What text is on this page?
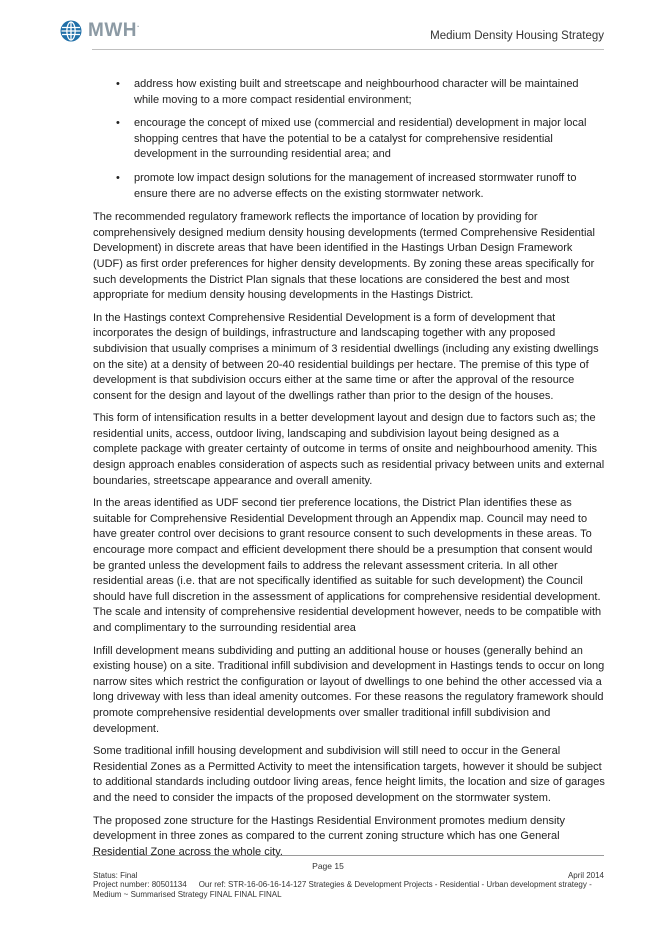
MWH.
Medium Density Housing Strategy
• address how existing built and streetscape and neighbourhood character will be maintained while moving to a more compact residential environment;
• encourage the concept of mixed use (commercial and residential) development in major local shopping centres that have the potential to be a catalyst for comprehensive residential development in the surrounding residential area; and
• promote low impact design solutions for the management of increased stormwater runoff to ensure there are no adverse effects on the existing stormwater network.

The recommended regulatory framework reflects the importance of location by providing for comprehensively designed medium density housing developments (termed Comprehensive Residential Development) in discrete areas that have been identified in the Hastings Urban Design Framework (UDF) as first order preferences for higher density developments. By zoning these areas specifically for such developments the District Plan signals that these locations are considered the best and most appropriate for medium density housing developments in the Hastings District.

In the Hastings context Comprehensive Residential Development is a form of development that incorporates the design of buildings, infrastructure and landscaping together with any proposed subdivision that usually comprises a minimum of 3 residential dwellings (including any existing dwellings on the site) at a density of between 20-40 residential buildings per hectare. The premise of this type of development is that subdivision occurs either at the same time or after the approval of the resource consent for the design and layout of the dwellings rather than prior to the design of the houses.

This form of intensification results in a better development layout and design due to factors such as; the residential units, access, outdoor living, landscaping and subdivision layout being designed as a complete package with greater certainty of outcome in terms of onsite and neighbourhood amenity. This design approach enables consideration of aspects such as residential privacy between units and external boundaries, streetscape appearance and overall amenity.

In the areas identified as UDF second tier preference locations, the District Plan identifies these as suitable for Comprehensive Residential Development through an Appendix map. Council may need to have greater control over decisions to grant resource consent to such developments in these areas. To encourage more compact and efficient development there should be a presumption that consent would be granted unless the development fails to address the relevant assessment criteria. In all other residential areas (i.e. that are not specifically identified as suitable for such development) the Council should have full discretion in the assessment of applications for comprehensive residential development. The scale and intensity of comprehensive residential development however, needs to be compatible with and complimentary to the surrounding residential area

Infill development means subdividing and putting an additional house or houses (generally behind an existing house) on a site. Traditional infill subdivision and development in Hastings tends to occur on long narrow sites which restrict the configuration or layout of dwellings to one behind the other accessed via a long driveway with less than ideal amenity outcomes. For these reasons the regulatory framework should promote comprehensive residential developments over smaller traditional infill subdivision and development.

Some traditional infill housing development and subdivision will still need to occur in the General Residential Zones as a Permitted Activity to meet the intensification targets, however it should be subject to additional standards including outdoor living areas, fence height limits, the location and size of garages and the need to consider the impacts of the proposed development on the stormwater system.

The proposed zone structure for the Hastings Residential Environment promotes medium density development in three zones as compared to the current zoning structure which has one General Residential Zone across the whole city.

Page 15
Status: Final	April 2014
Project number: 80501134 Our ref: STR-16-06-16-14-127 Strategies & Development Projects - Residential - Urban development strategy - Medium ~ Summarised Strategy FINAL FINAL FINAL
